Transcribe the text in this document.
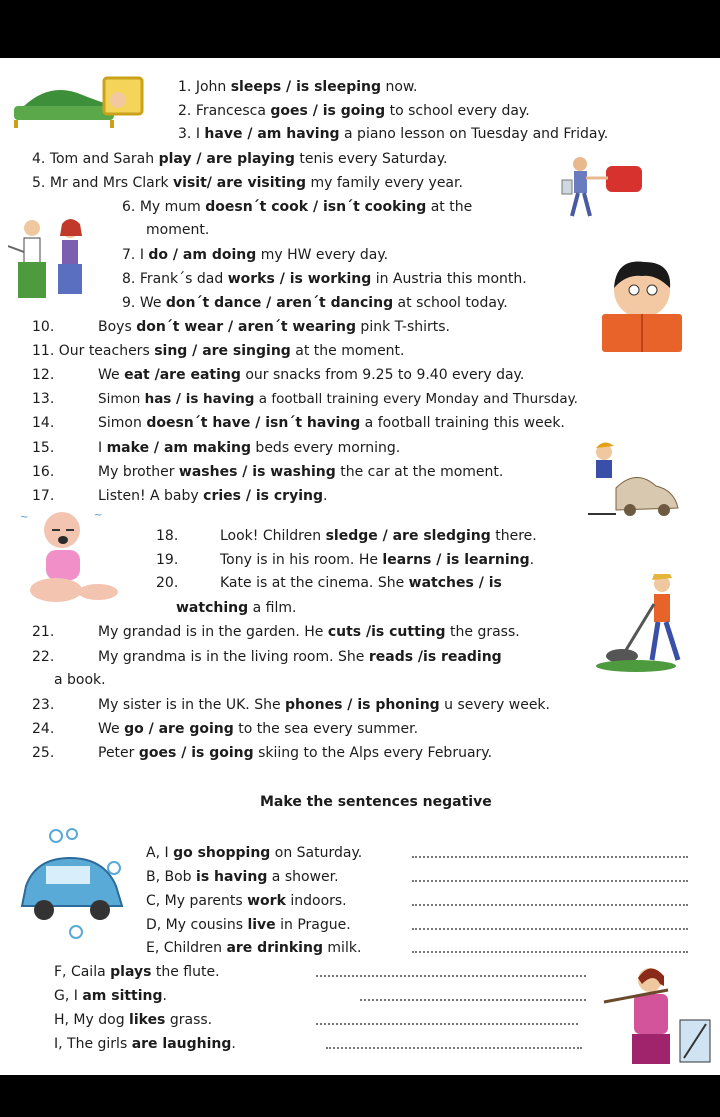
~	~
1. John sleeps / is sleeping now.
2. Francesca goes / is going to school every day.
3. I have / am having a piano lesson on Tuesday and Friday.
4. Tom and Sarah play / are playing tenis every Saturday.
5. Mr and Mrs Clark visit/ are visiting my family every year.
6. My mum doesn´t cook / isn´t cooking at the
moment.
7. I do / am doing my HW every day.
8. Frank´s dad works / is working in Austria this month.
9. We don´t dance / aren´t dancing at school today.
10.	Boys don´t wear / aren´t wearing pink T-shirts.
11. Our teachers sing / are singing at the moment.
12.	We eat /are eating our snacks from 9.25 to 9.40 every day.
13.	Simon has / is having a football training every Monday and Thursday.
14.	Simon doesn´t have / isn´t having a football training this week.
15.	I make / am making beds every morning.
16.	My brother washes / is washing the car at the moment.
17.	Listen! A baby cries / is crying.
18.	Look! Children sledge / are sledging there.
19.	Tony is in his room. He learns / is learning.
20.	Kate is at the cinema. She watches / is
watching a film.
21.	My grandad is in the garden. He cuts /is cutting the grass.
22.	My grandma is in the living room. She reads /is reading
a book.
23.	My sister is in the UK. She phones / is phoning u severy week.
24.	We go / are going to the sea every summer.
25.	Peter goes / is going skiing to the Alps every February.
Make the sentences negative
A, I go shopping on Saturday.
B, Bob is having a shower.
C, My parents work indoors.
D, My cousins live in Prague.
E, Children are drinking milk.
F, Caila plays the flute.
G, I am sitting.
H, My dog likes grass.
I, The girls are laughing.
